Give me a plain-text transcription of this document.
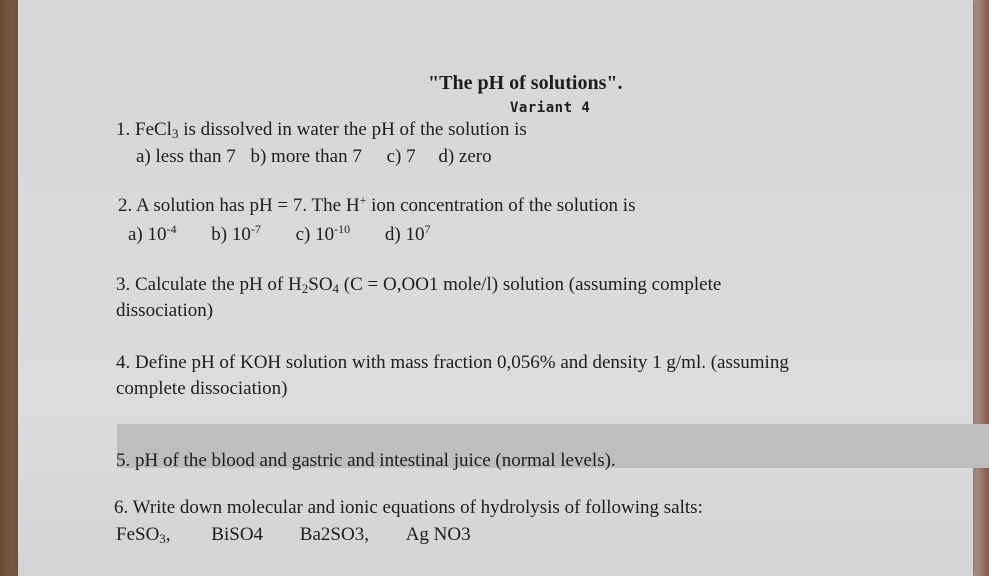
"The pH of solutions".
Variant 4
1. FeCl$_3$ is dissolved in water the pH of the solution is
a) less than 7 b) more than 7 c) 7 d) zero
2. A solution has pH = 7. The H+ ion concentration of the solution is
a) $10^{-4}$ b) $10^{-7}$ c) $10^{-10}$ d) $10^7$
3. Calculate the pH of $H_2SO_4$ (C = O,OO1 mole/l) solution (assuming complete
dissociation)
4. Define pH of KOH solution with mass fraction 0,056% and density 1 g/ml. (assuming
complete dissociation)
5. pH of the blood and gastric and intestinal juice (normal levels).
6. Write down molecular and ionic equations of hydrolysis of following salts:
FeSO$_3$, BiSO4 Ba2SO3, Ag NO3
